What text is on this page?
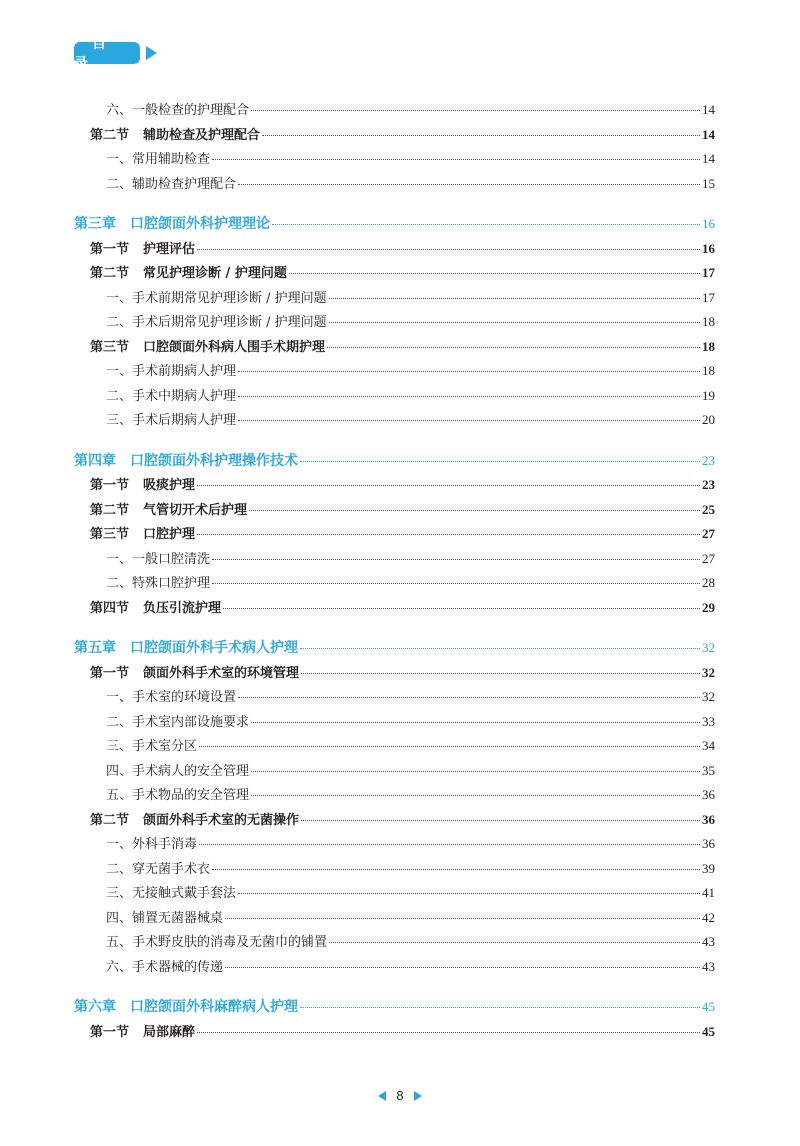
目录
六、一般检查的护理配合	14
第二节 辅助检查及护理配合	14
一、常用辅助检查	14
二、辅助检查护理配合	15
第三章 口腔颌面外科护理理论	16
第一节 护理评估	16
第二节 常见护理诊断 / 护理问题	17
一、手术前期常见护理诊断 / 护理问题	17
二、手术后期常见护理诊断 / 护理问题	18
第三节 口腔颌面外科病人围手术期护理	18
一、手术前期病人护理	18
二、手术中期病人护理	19
三、手术后期病人护理	20
第四章 口腔颌面外科护理操作技术	23
第一节 吸痰护理	23
第二节 气管切开术后护理	25
第三节 口腔护理	27
一、一般口腔清洗	27
二、特殊口腔护理	28
第四节 负压引流护理	29
第五章 口腔颌面外科手术病人护理	32
第一节 颌面外科手术室的环境管理	32
一、手术室的环境设置	32
二、手术室内部设施要求	33
三、手术室分区	34
四、手术病人的安全管理	35
五、手术物品的安全管理	36
第二节 颌面外科手术室的无菌操作	36
一、外科手消毒	36
二、穿无菌手术衣	39
三、无接触式戴手套法	41
四、铺置无菌器械桌	42
五、手术野皮肤的消毒及无菌巾的铺置	43
六、手术器械的传递	43
第六章 口腔颌面外科麻醉病人护理	45
第一节 局部麻醉	45
8
